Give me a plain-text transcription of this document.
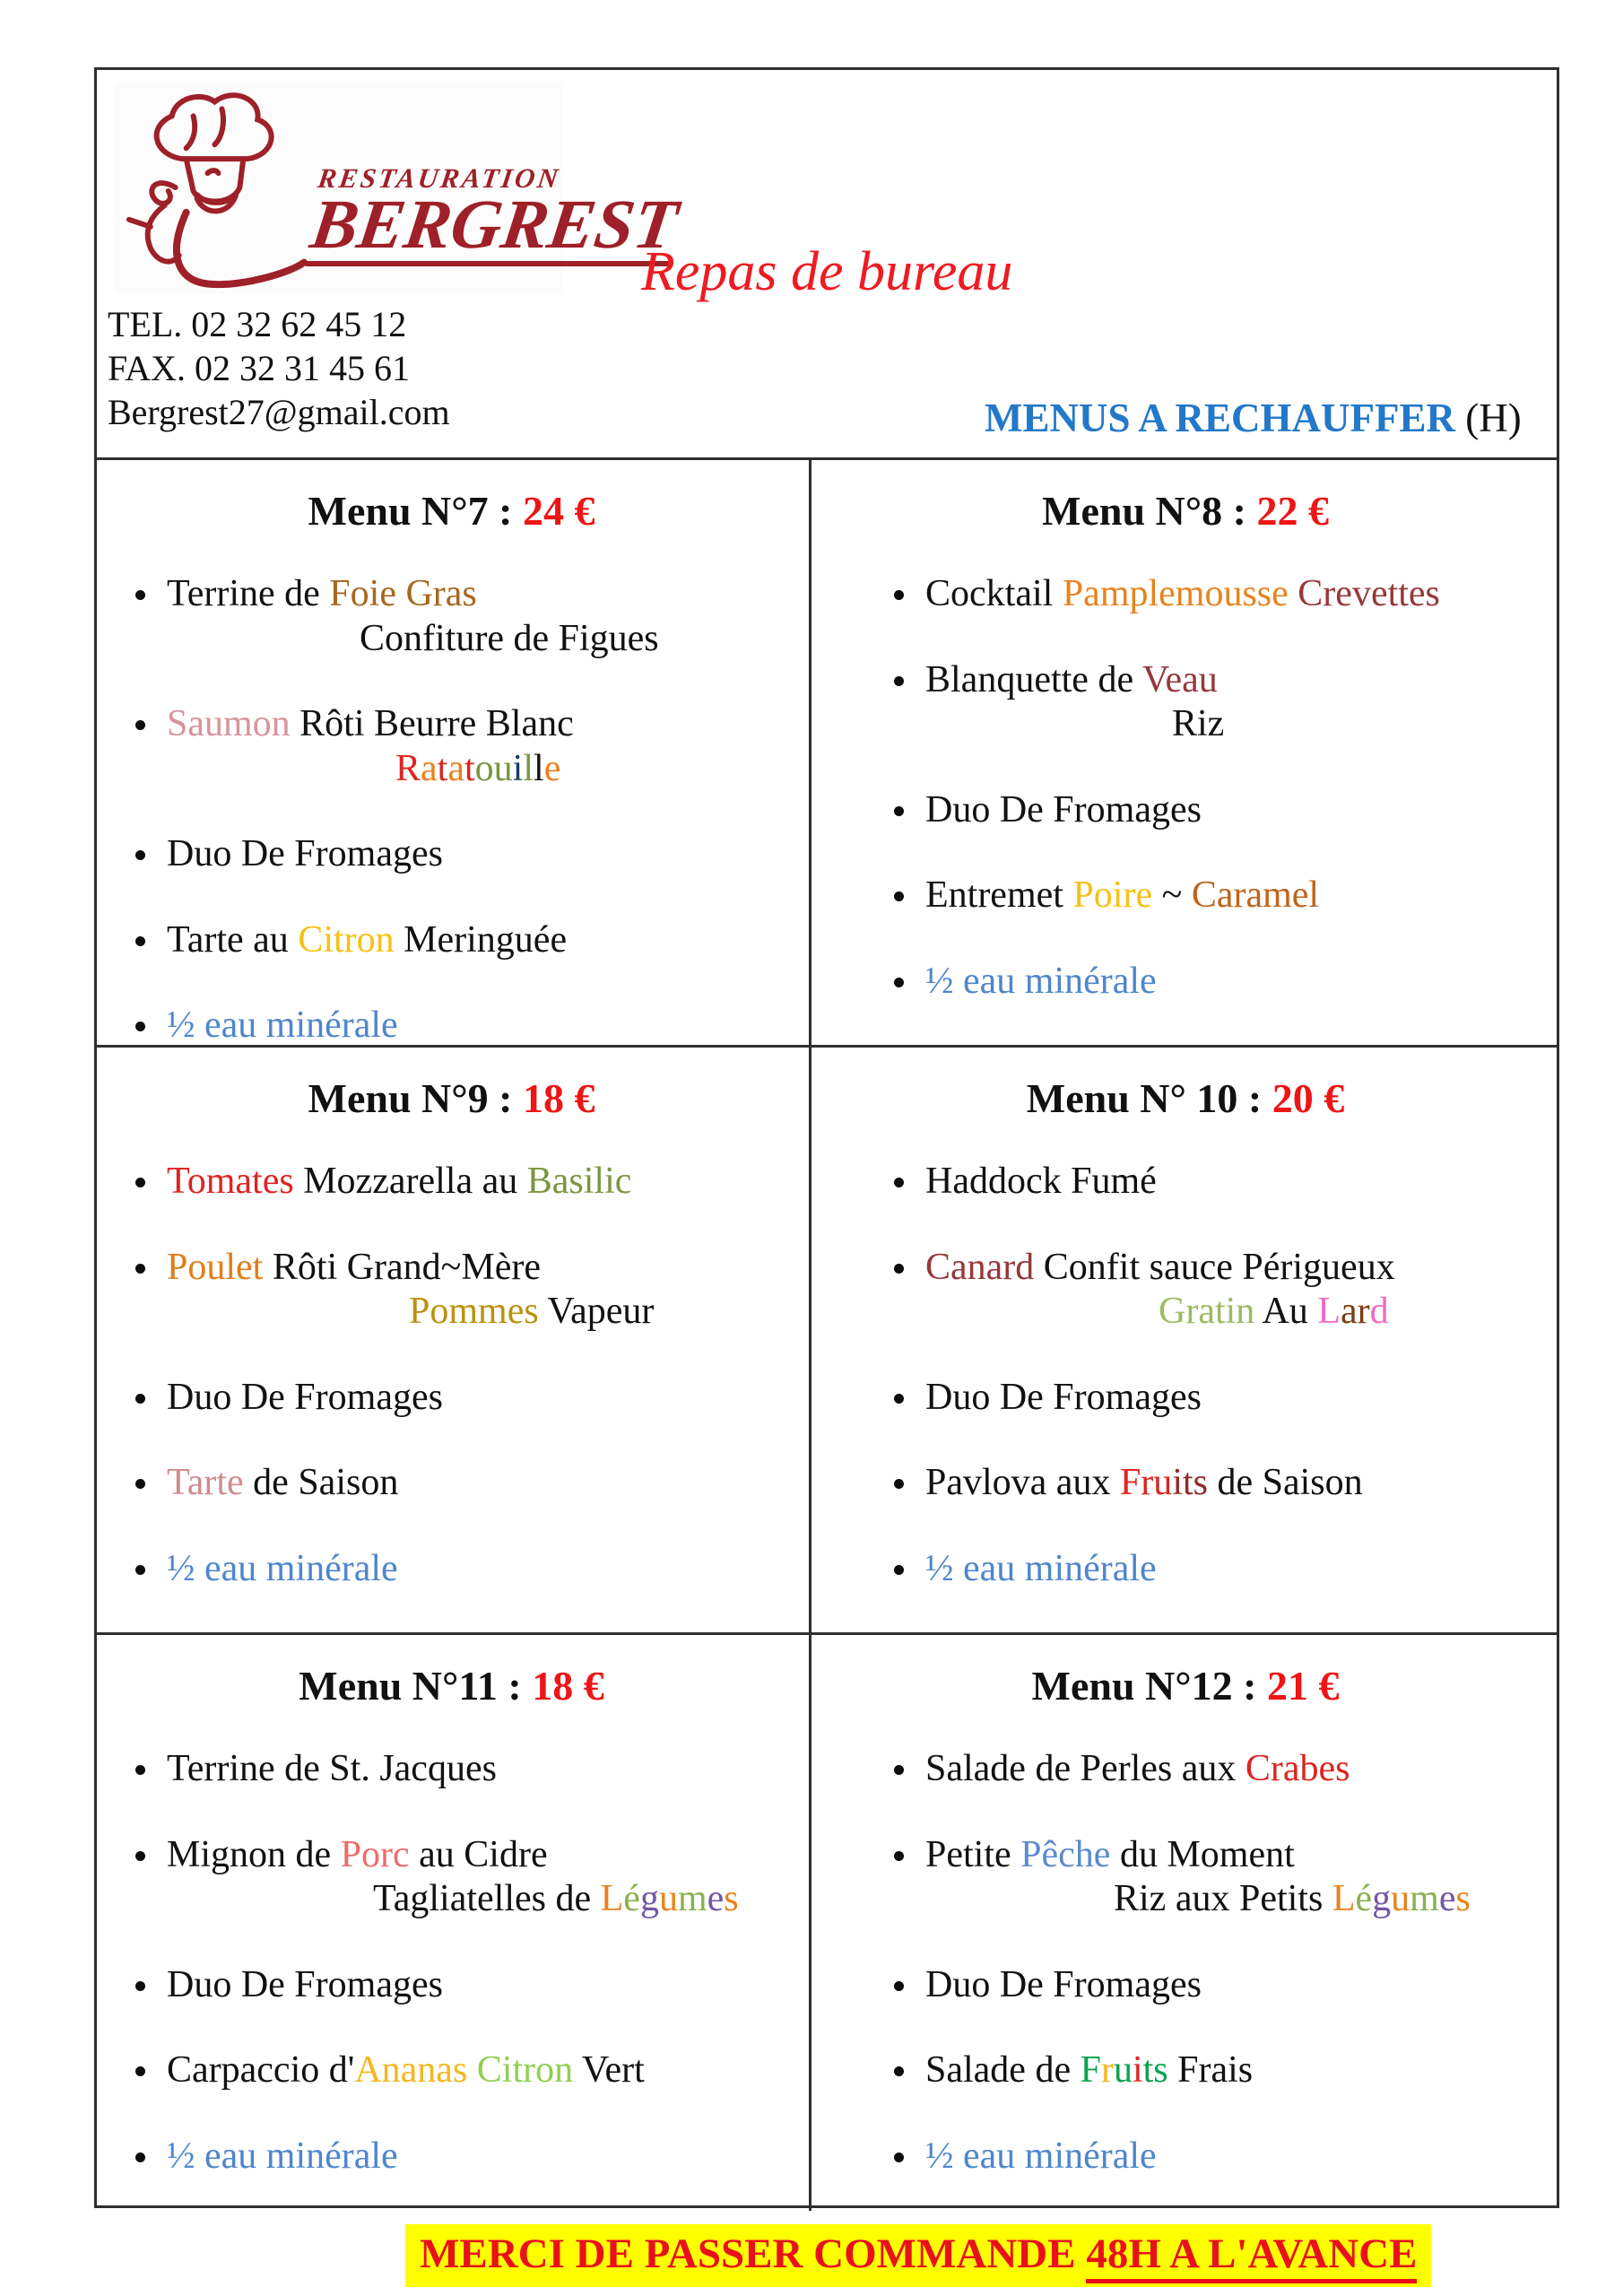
RESTAURATION
BERGREST
TEL. 02 32 62 45 12
FAX. 02 32 31 45 61
Bergrest27@gmail.com
Repas de bureau
MENUS A RECHAUFFER (H)
Menu N°7 : 24 €
Terrine de Foie Gras
Confiture de Figues
Saumon Rôti Beurre Blanc
Ratatouille
Duo De Fromages
Tarte au Citron Meringuée
½ eau minérale
Menu N°8 : 22 €
Cocktail Pamplemousse Crevettes
Blanquette de Veau
Riz
Duo De Fromages
Entremet Poire ~ Caramel
½ eau minérale
Menu N°9 : 18 €
Tomates Mozzarella au Basilic
Poulet Rôti Grand~Mère
Pommes Vapeur
Duo De Fromages
Tarte de Saison
½ eau minérale
Menu N° 10 : 20 €
Haddock Fumé
Canard Confit sauce Périgueux
Gratin Au Lard
Duo De Fromages
Pavlova aux Fruits de Saison
½ eau minérale
Menu N°11 : 18 €
Terrine de St. Jacques
Mignon de Porc au Cidre
Tagliatelles de Légumes
Duo De Fromages
Carpaccio d'Ananas Citron Vert
½ eau minérale
Menu N°12 : 21 €
Salade de Perles aux Crabes
Petite Pêche du Moment
Riz aux Petits Légumes
Duo De Fromages
Salade de Fruits Frais
½ eau minérale
MERCI DE PASSER COMMANDE 48H A L'AVANCE
